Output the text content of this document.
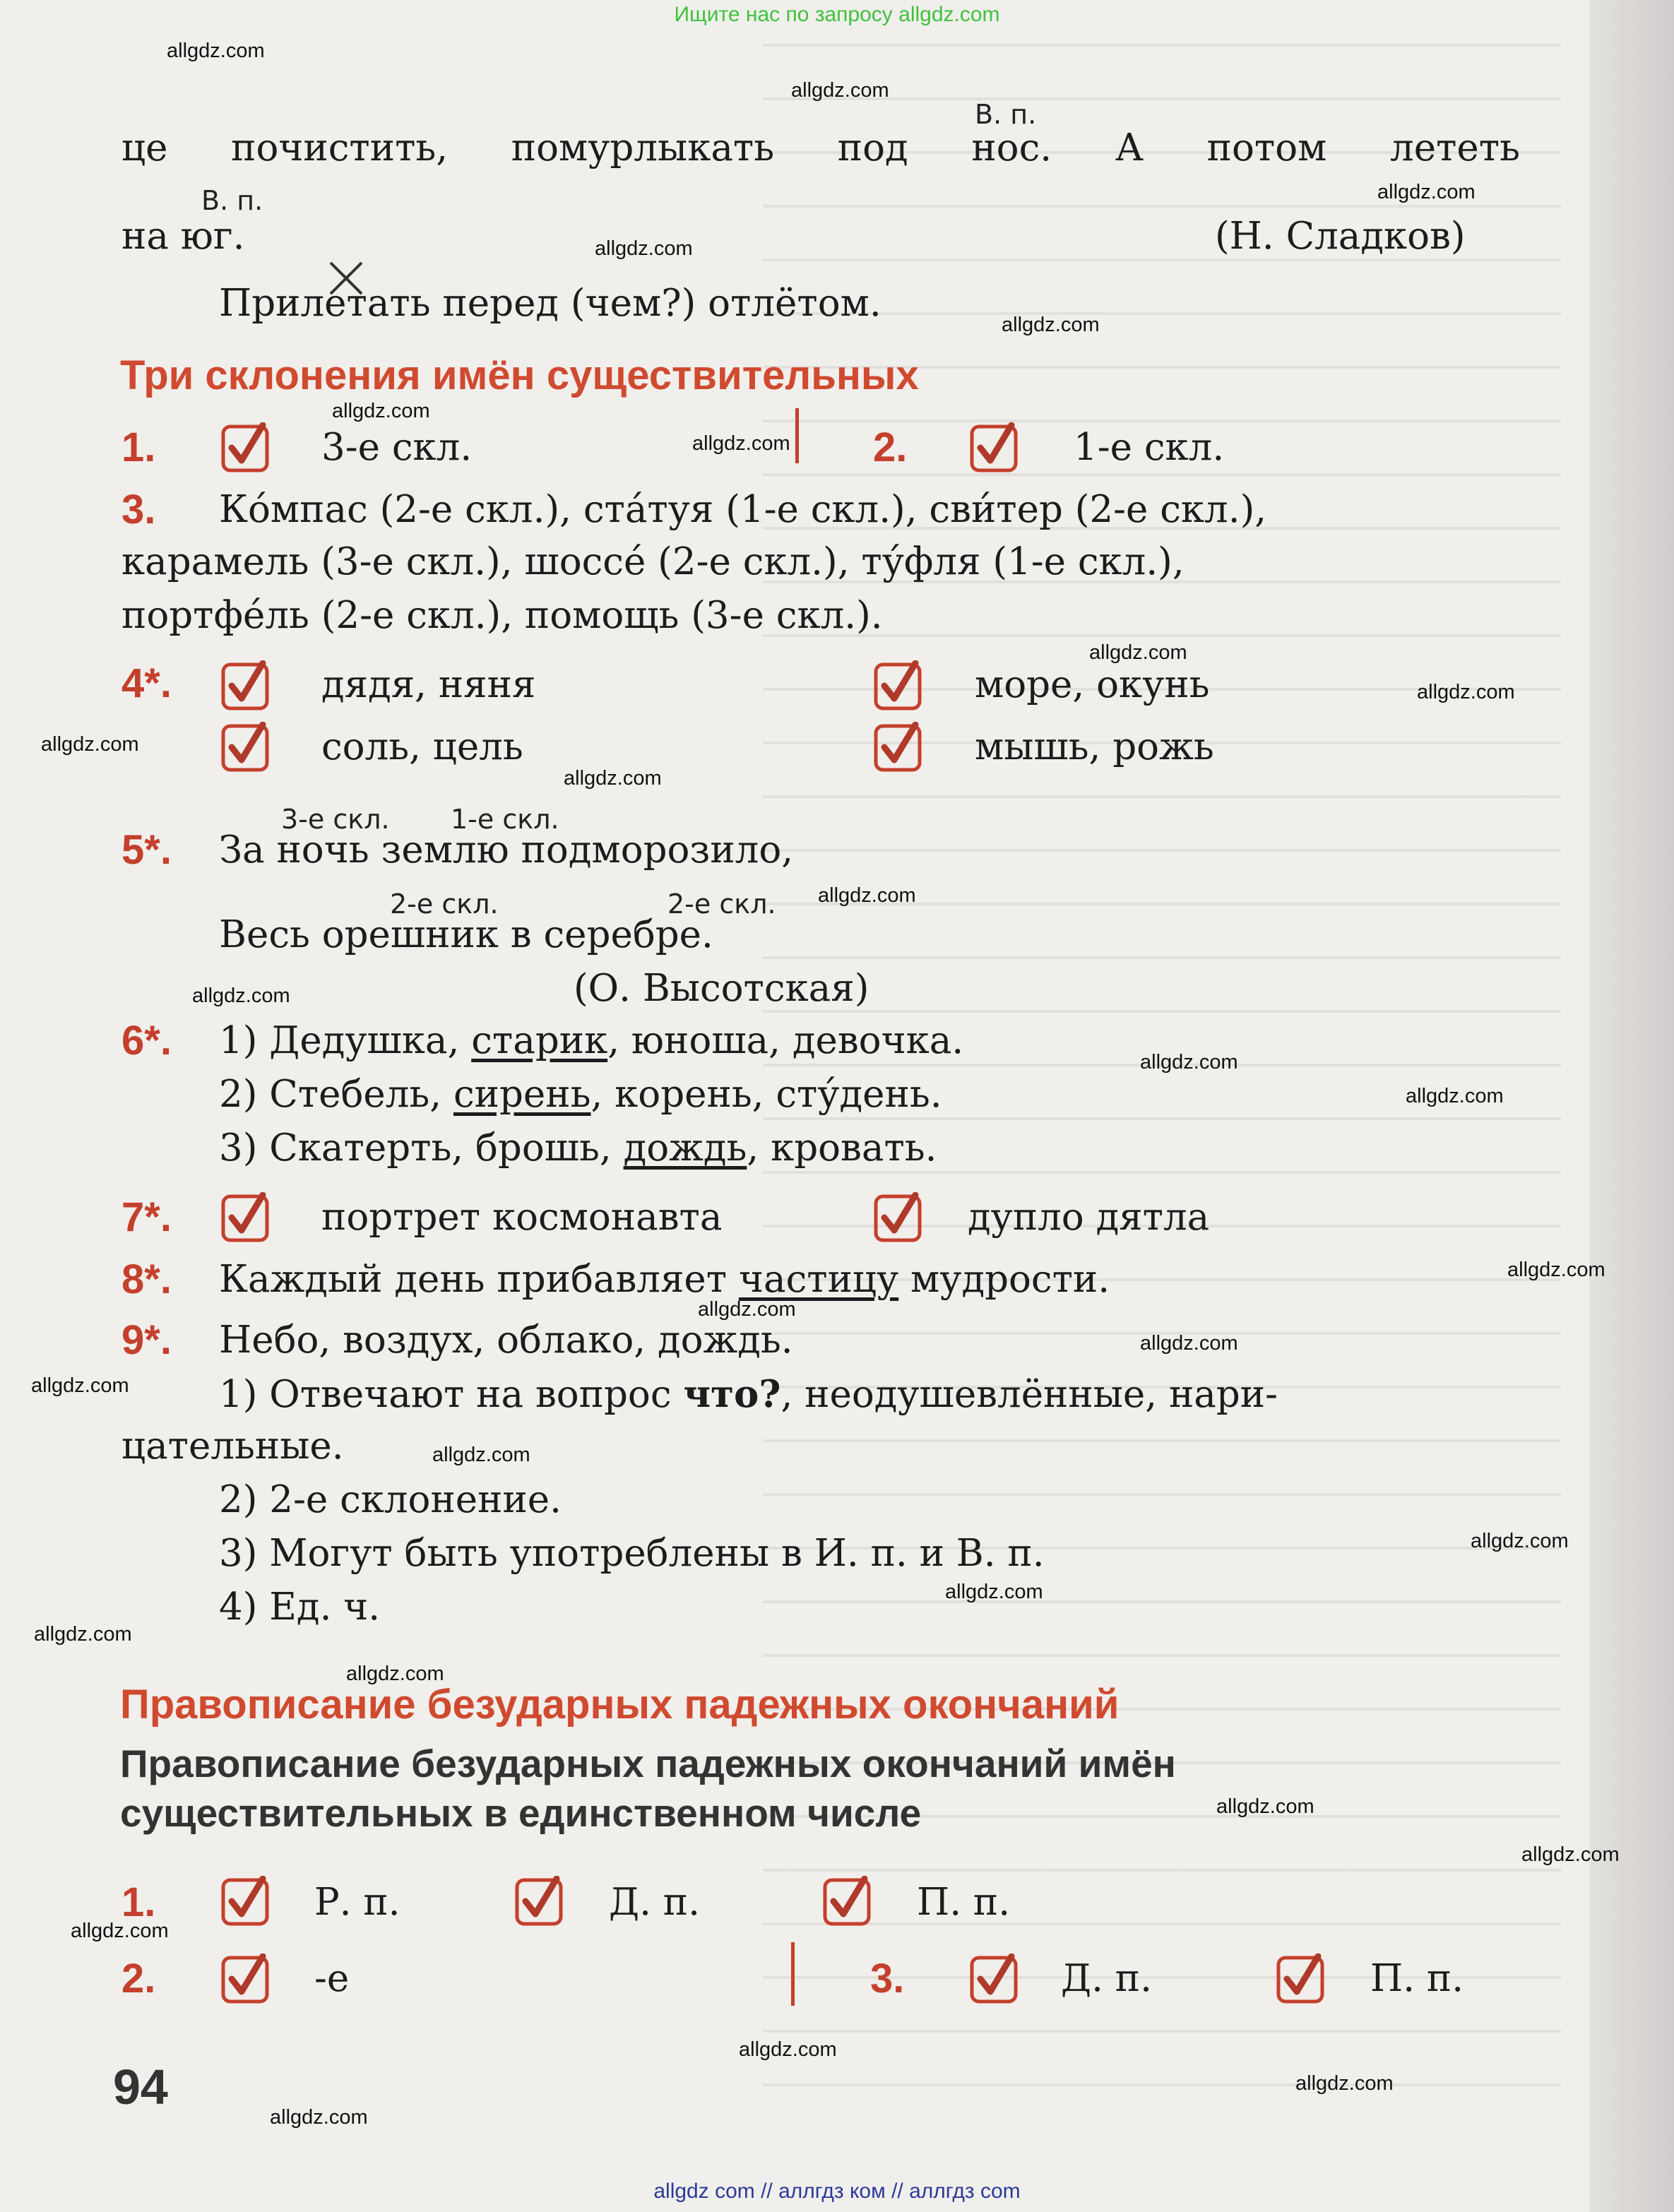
Ищите нас по запросу allgdz.com
це почистить, помурлыкать под нос. А потом лететь
В. п.
В. п.
на юг.	(Н. Сладков)
Прилетать перед (чем?) отлётом.
Три склонения имён существительных
1.	3-е скл.	2.	1-е скл.
3. Ко́мпас (2-е скл.), ста́туя (1-е скл.), сви́тер (2-е скл.),
карамель (3-е скл.), шоссе́ (2-е скл.), ту́фля (1-е скл.),
портфе́ль (2-е скл.), помощь (3-е скл.).
4*.	дядя, няня	море, окунь
соль, цель	мышь, рожь
3-е скл. 1-е скл.
5*. За ночь землю подморозило,
2-е скл.	2-е скл.
Весь орешник в серебре.
(О. Высотская)
6*. 1) Дедушка, старик, юноша, девочка.
2) Стебель, сирень, корень, сту́день.
3) Скатерть, брошь, дождь, кровать.
7*.	портрет космонавта	дупло дятла
8*. Каждый день прибавляет частицу мудрости.
9*. Небо, воздух, облако, дождь.
1) Отвечают на вопрос что?, неодушевлённые, нари-
цательные.
2) 2-е склонение.
3) Могут быть употреблены в И. п. и В. п.
4) Ед. ч.
Правописание безударных падежных окончаний
Правописание безударных падежных окончаний имён
существительных в единственном числе
1.	Р. п.	Д. п.	П. п.
2.	-е	3.	Д. п.	П. п.
94
allgdz.com
allgdz.com
allgdz.com
allgdz.com
allgdz.com
allgdz.com
allgdz.com
allgdz.com
allgdz.com
allgdz.com
allgdz.com
allgdz.com
allgdz.com
allgdz.com
allgdz.com
allgdz.com
allgdz.com
allgdz.com
allgdz.com
allgdz.com
allgdz.com
allgdz.com
allgdz.com
allgdz.com
allgdz.com
allgdz.com
allgdz.com
allgdz.com
allgdz.com
allgdz.com
allgdz com // аллгдз ком // аллгдз com
